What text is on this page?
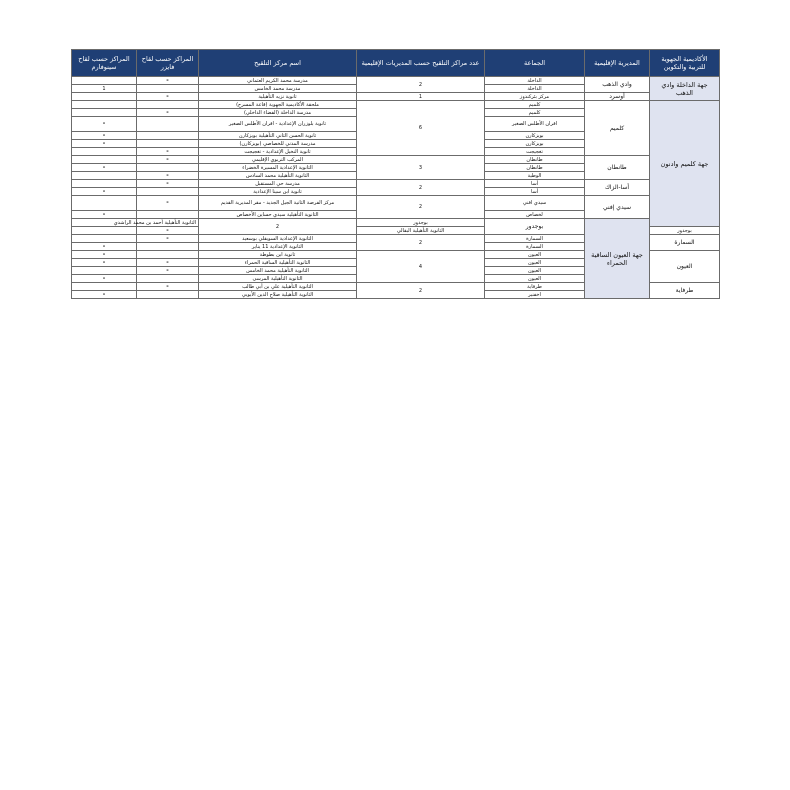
الأكاديمية الجهوية للتربية والتكوين	المديرية الإقليمية	الجماعة	عدد مراكز التلقيح حسب المديريات الإقليمية	اسم مركز التلقيح	المراكز حسب لقاح فايزر	المراكز حسب لقاح سينوفارم	
جهة الداخلة وادي الذهب	وادي الذهب	الداخلة	2	مدرسة محمد الكريم العثماني	-		
		الداخلة		مدرسة محمد الخامس		1	
	أوسرد	مركز بئركندوز	1	ثانوية نزيه التأهيلية	-		
جهة كلميم وادنون	كلميم	كلميم	6	ملحقة الأكاديمية الجهوية (قاعة المسرح)			
		كلميم		مدرسة الداخلة (الفضاء الداخلي)	-		
		افران الأطلس الصغير		ثانوية بلوزران الإعدادية - افران الأطلس الصغير		-	
		بويزكارن		ثانوية الحسن الثاني التأهيلية بويزكارن		-	
		بويزكارن		مدرسة المدني للخصاصي (بويزكارن)		-	
		تغجيجت		ثانوية النخيل الإعدادية - تغجيجت	-		
	طانطان	طانطان	3	المركب التربوي الإقليمي	-		
		طانطان		الثانوية الإعدادية المسيرة الخضراء		-	
		الوطية		الثانوية التأهيلية محمد السادس	-		
	أسا-الزاك	أسا	2	مدرسة حي المستقبل	-		
		أسا		ثانوية ابن سينا الإعدادية		-	
	سيدي إفني	سيدي افني	2	مركز الفرصة الثانية الجيل الجديد - مقر المديرية القديم	-		
		لخصاص		الثانوية التأهيلية سيدي حساين الأخصاص		-	
	جهة العيون الساقية الحمراء	بوجدور	بوجدور	2	الثانوية التأهيلية أحمد بن محمد الراشدي		
بوجدور			الثانوية التأهيلية البقالي		-		
السمارة		السمارة	2	الثانوية الإعدادية السويقلي بوسعيد	-		
		السمارة		الثانوية الإعدادية 11 يناير		-	
العيون		العيون	4	ثانوية ابن بطوطة		-	
		العيون		الثانوية التأهيلية الساقية الحمراء	-	-	
		العيون		الثانوية التأهيلية محمد الخامس	-		
		العيون		الثانوية التأهيلية المرسى		-	
طرفاية		طرفاية	2	الثانوية التأهيلية علي بن أبي طالب	-		
		اخفنير		الثانوية التأهيلية صلاح الدين الأيوبي		-	
